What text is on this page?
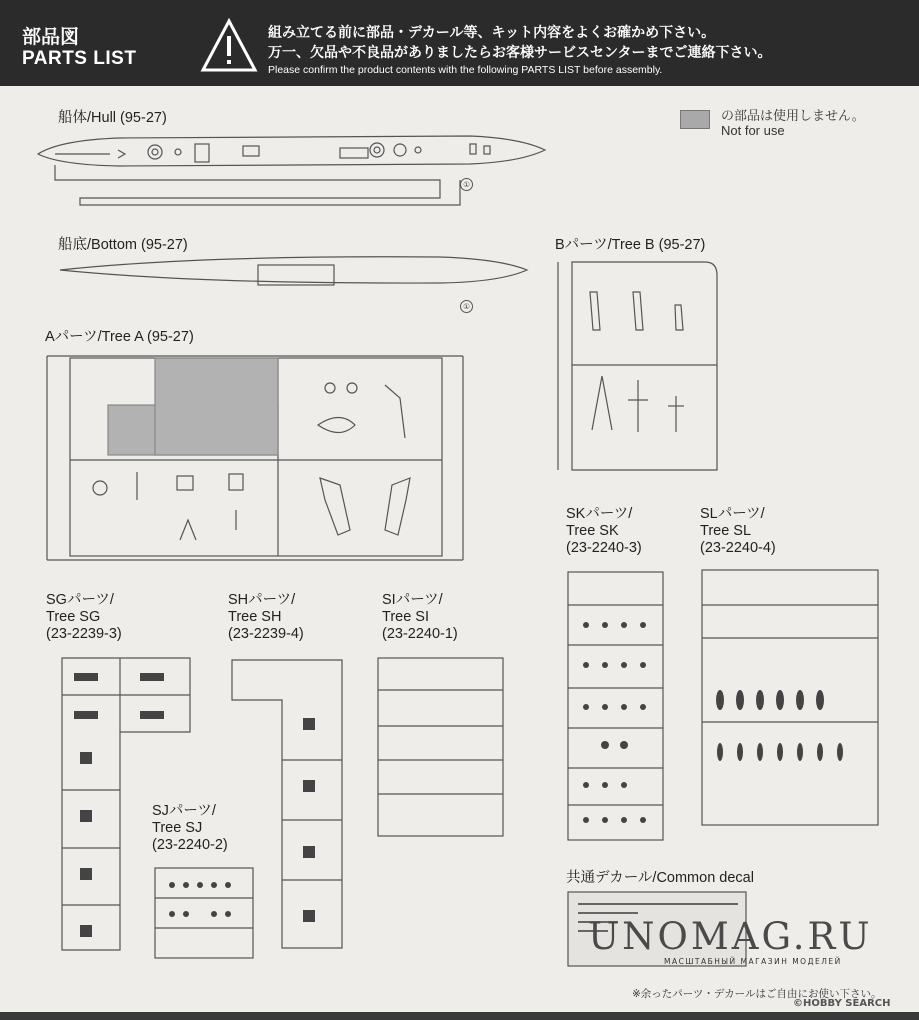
部品図
PARTS LIST
組み立てる前に部品・デカール等、キット内容をよくお確かめ下さい。
万一、欠品や不良品がありましたらお客様サービスセンターまでご連絡下さい。
Please confirm the product contents with the following PARTS LIST before assembly.
の部品は使用しません。
Not for use
船体/Hull (95-27)
船底/Bottom (95-27)
Aパーツ/Tree A (95-27)
Bパーツ/Tree B (95-27)
SGパーツ/
Tree SG
(23-2239-3)
SHパーツ/
Tree SH
(23-2239-4)
SIパーツ/
Tree SI
(23-2240-1)
SJパーツ/
Tree SJ
(23-2240-2)
SKパーツ/
Tree SK
(23-2240-3)
SLパーツ/
Tree SL
(23-2240-4)
共通デカール/Common decal
UNOMAG.RU
МАСШТАБНЫЙ МАГАЗИН МОДЕЛЕЙ
※余ったパーツ・デカールはご自由にお使い下さい。
©HOBBY SEARCH
①
①
